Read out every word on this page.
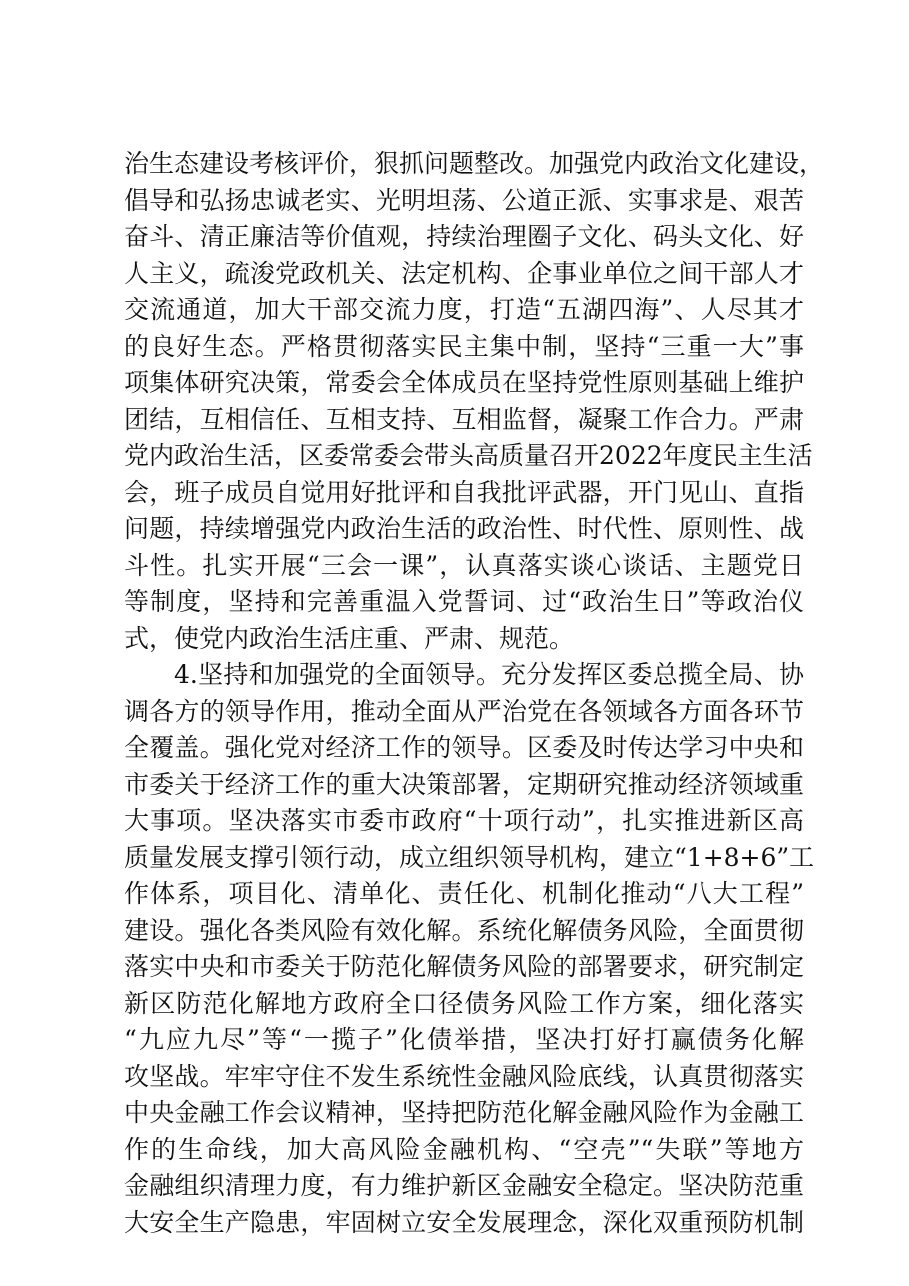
治生态建设考核评价，狠抓问题整改。加强党内政治文化建设，
倡导和弘扬忠诚老实、光明坦荡、公道正派、实事求是、艰苦
奋斗、清正廉洁等价值观，持续治理圈子文化、码头文化、好
人主义，疏浚党政机关、法定机构、企事业单位之间干部人才
交流通道，加大干部交流力度，打造“五湖四海”、人尽其才
的良好生态。严格贯彻落实民主集中制，坚持“三重一大”事
项集体研究决策，常委会全体成员在坚持党性原则基础上维护
团结，互相信任、互相支持、互相监督，凝聚工作合力。严肃
党内政治生活，区委常委会带头高质量召开2022年度民主生活
会，班子成员自觉用好批评和自我批评武器，开门见山、直指
问题，持续增强党内政治生活的政治性、时代性、原则性、战
斗性。扎实开展“三会一课”，认真落实谈心谈话、主题党日
等制度，坚持和完善重温入党誓词、过“政治生日”等政治仪
式，使党内政治生活庄重、严肃、规范。
4.坚持和加强党的全面领导。充分发挥区委总揽全局、协
调各方的领导作用，推动全面从严治党在各领域各方面各环节
全覆盖。强化党对经济工作的领导。区委及时传达学习中央和
市委关于经济工作的重大决策部署，定期研究推动经济领域重
大事项。坚决落实市委市政府“十项行动”，扎实推进新区高
质量发展支撑引领行动，成立组织领导机构，建立“1+8+6”工
作体系，项目化、清单化、责任化、机制化推动“八大工程”
建设。强化各类风险有效化解。系统化解债务风险，全面贯彻
落实中央和市委关于防范化解债务风险的部署要求，研究制定
新区防范化解地方政府全口径债务风险工作方案，细化落实
“九应九尽”等“一揽子”化债举措，坚决打好打赢债务化解
攻坚战。牢牢守住不发生系统性金融风险底线，认真贯彻落实
中央金融工作会议精神，坚持把防范化解金融风险作为金融工
作的生命线，加大高风险金融机构、“空壳”“失联”等地方
金融组织清理力度，有力维护新区金融安全稳定。坚决防范重
大安全生产隐患，牢固树立安全发展理念，深化双重预防机制
